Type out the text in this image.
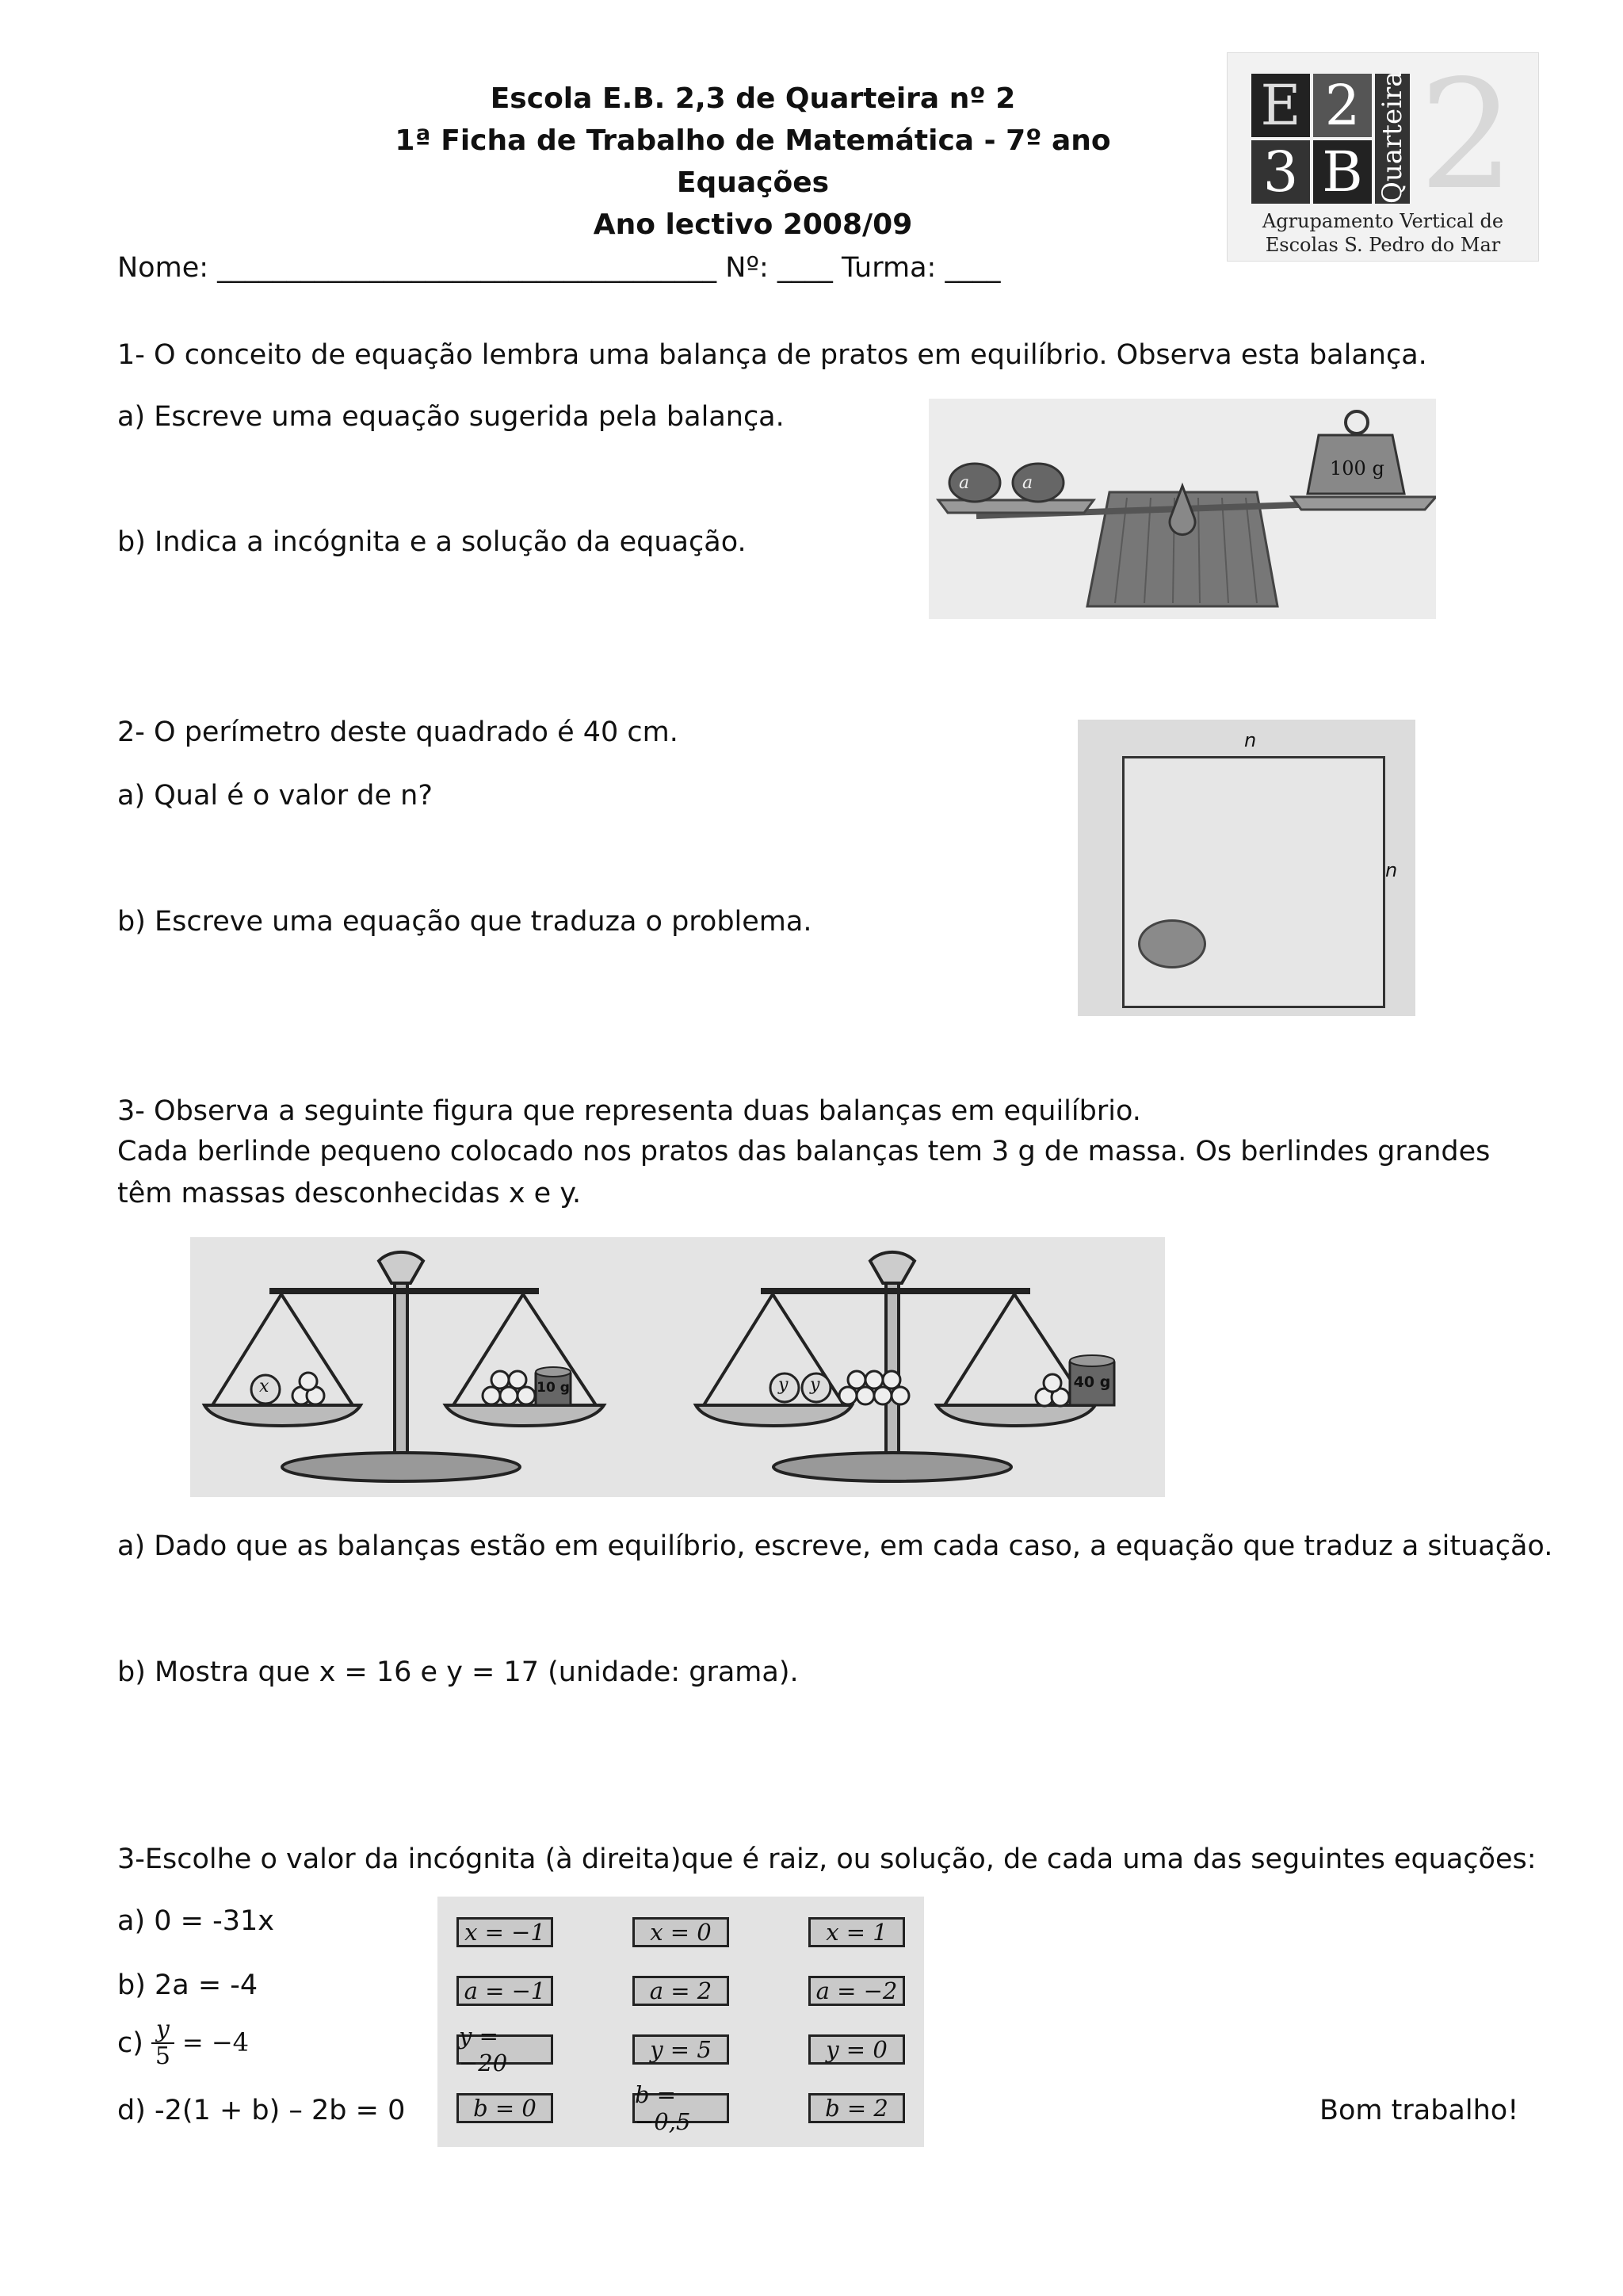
Escola E.B. 2,3 de Quarteira nº 2
1ª Ficha de Trabalho de Matemática - 7º ano
Equações
Ano lectivo 2008/09
Nome: ____________________________________ Nº: ____ Turma: ____
E 2
3 B Quarteira 2
Agrupamento Vertical de
Escolas S. Pedro do Mar
1- O conceito de equação lembra uma balança de pratos em equilíbrio. Observa esta balança.
a) Escreve uma equação sugerida pela balança.
b) Indica a incógnita e a solução da equação.
a	a
100 g
2- O perímetro deste quadrado é 40 cm.
a) Qual é o valor de n?
b) Escreve uma equação que traduza o problema.
n
n
3- Observa a seguinte figura que representa duas balanças em equilíbrio.
Cada berlinde pequeno colocado nos pratos das balanças tem 3 g de massa. Os berlindes grandes
têm massas desconhecidas x e y.
x	10 g	y y	40 g
a) Dado que as balanças estão em equilíbrio, escreve, em cada caso, a equação que traduz a situação.
b) Mostra que x = 16 e y = 17 (unidade: grama).
3-Escolhe o valor da incógnita (à direita)que é raiz, ou solução, de cada uma das seguintes equações:
a) 0 = -31x
b) 2a = -4
$c) \frac{y}{5} = -4$
d) -2(1 + b) – 2b = 0
x = −1	x = 0	x = 1
a = −1	a = 2	a = −2
y = −20	y = 5	y = 0
b = 0	b = −0,5	b = 2	Bom trabalho!
